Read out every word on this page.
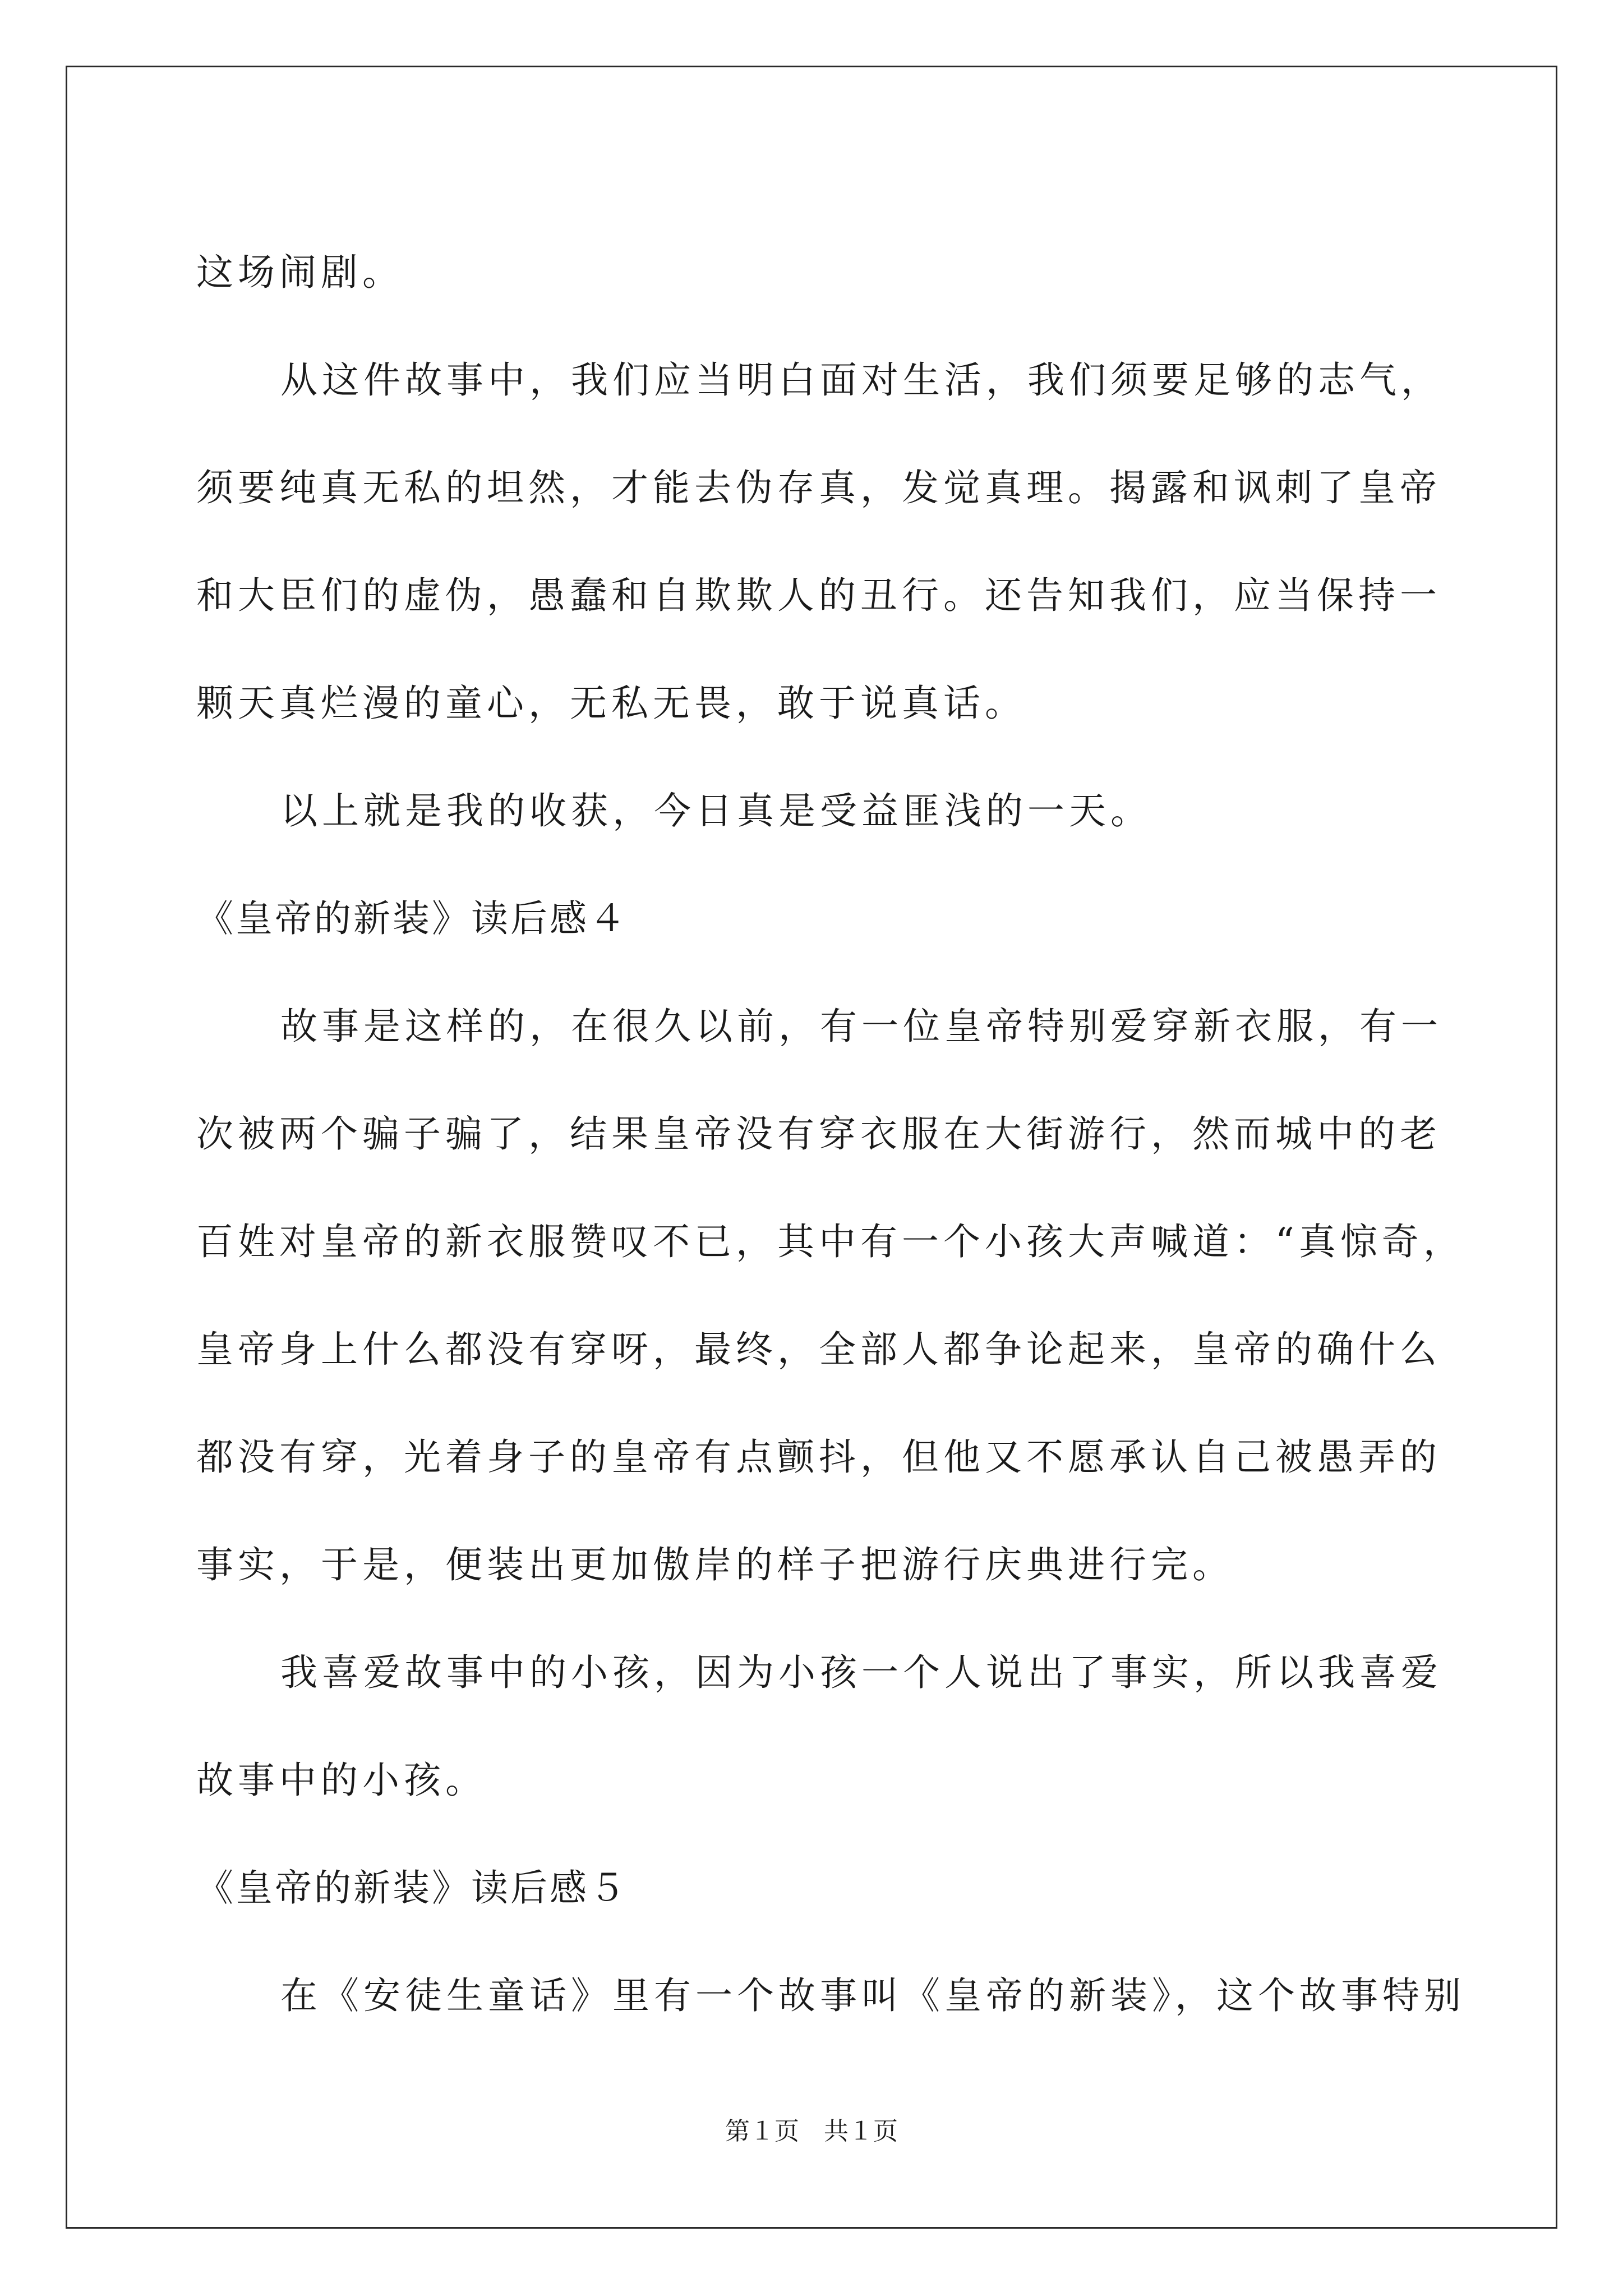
这场闹剧。
从这件故事中，我们应当明白面对生活，我们须要足够的志气，
须要纯真无私的坦然，才能去伪存真，发觉真理。揭露和讽刺了皇帝
和大臣们的虚伪，愚蠢和自欺欺人的丑行。还告知我们，应当保持一
颗天真烂漫的童心，无私无畏，敢于说真话。
以上就是我的收获，今日真是受益匪浅的一天。
《皇帝的新装》读后感４
故事是这样的，在很久以前，有一位皇帝特别爱穿新衣服，有一
次被两个骗子骗了，结果皇帝没有穿衣服在大街游行，然而城中的老
百姓对皇帝的新衣服赞叹不已，其中有一个小孩大声喊道：“真惊奇，
皇帝身上什么都没有穿呀，最终，全部人都争论起来，皇帝的确什么
都没有穿，光着身子的皇帝有点颤抖，但他又不愿承认自己被愚弄的
事实，于是，便装出更加傲岸的样子把游行庆典进行完。
我喜爱故事中的小孩，因为小孩一个人说出了事实，所以我喜爱
故事中的小孩。
《皇帝的新装》读后感５
在《安徒生童话》里有一个故事叫《皇帝的新装》，这个故事特别
第１页　共１页
